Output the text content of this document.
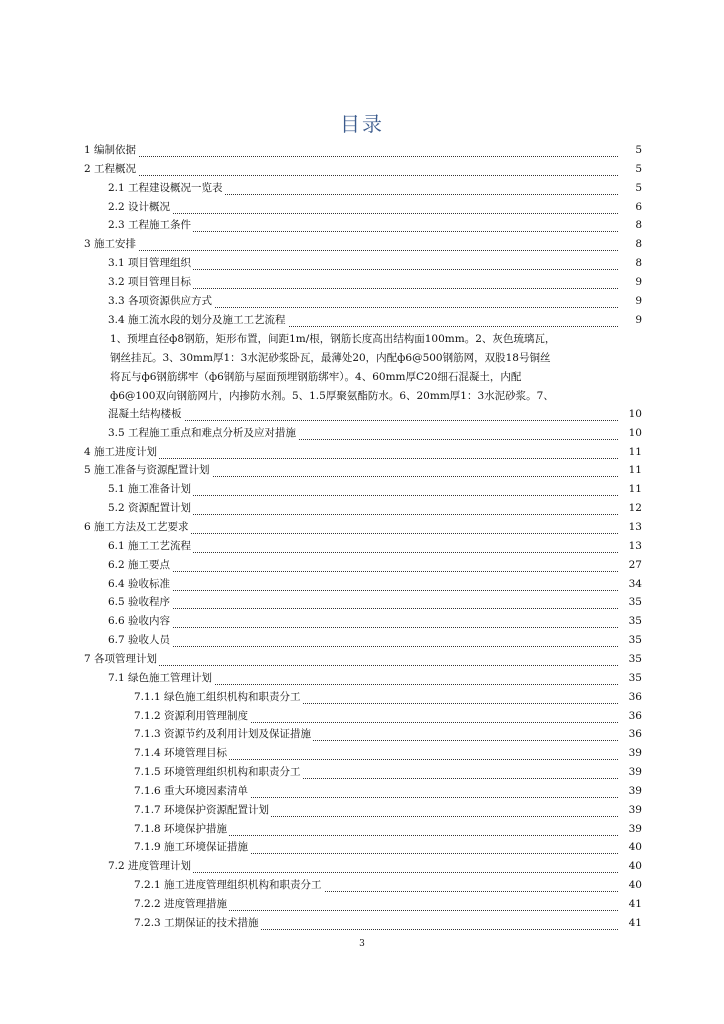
目录
1 编制依据	5
2 工程概况	5
2.1 工程建设概况一览表	5
2.2 设计概况	6
2.3 工程施工条件	8
3 施工安排	8
3.1 项目管理组织	8
3.2 项目管理目标	9
3.3 各项资源供应方式	9
3.4 施工流水段的划分及施工工艺流程	9
混凝土结构楼板	10
3.5 工程施工重点和难点分析及应对措施	10
4 施工进度计划	11
5 施工准备与资源配置计划	11
5.1 施工准备计划	11
5.2 资源配置计划	12
6 施工方法及工艺要求	13
6.1 施工工艺流程	13
6.2 施工要点	27
6.4 验收标准	34
6.5 验收程序	35
6.6 验收内容	35
6.7 验收人员	35
7 各项管理计划	35
7.1 绿色施工管理计划	35
7.1.1 绿色施工组织机构和职责分工	36
7.1.2 资源利用管理制度	36
7.1.3 资源节约及利用计划及保证措施	36
7.1.4 环境管理目标	39
7.1.5 环境管理组织机构和职责分工	39
7.1.6 重大环境因素清单	39
7.1.7 环境保护资源配置计划	39
7.1.8 环境保护措施	39
7.1.9 施工环境保证措施	40
7.2 进度管理计划	40
7.2.1 施工进度管理组织机构和职责分工	40
7.2.2 进度管理措施	41
7.2.3 工期保证的技术措施	41
1、预埋直径ф8钢筋，矩形布置，间距1m/根，钢筋长度高出结构面100mm。2、灰色琉璃瓦，
钢丝挂瓦。3、30mm厚1：3水泥砂浆卧瓦，最薄处20，内配ф6@500钢筋网，双股18号铜丝
将瓦与ф6钢筋绑牢（ф6钢筋与屋面预埋钢筋绑牢）。4、60mm厚C20细石混凝土，内配
ф6@100双向钢筋网片，内掺防水剂。5、1.5厚聚氨酯防水。6、20mm厚1：3水泥砂浆。7、
3
